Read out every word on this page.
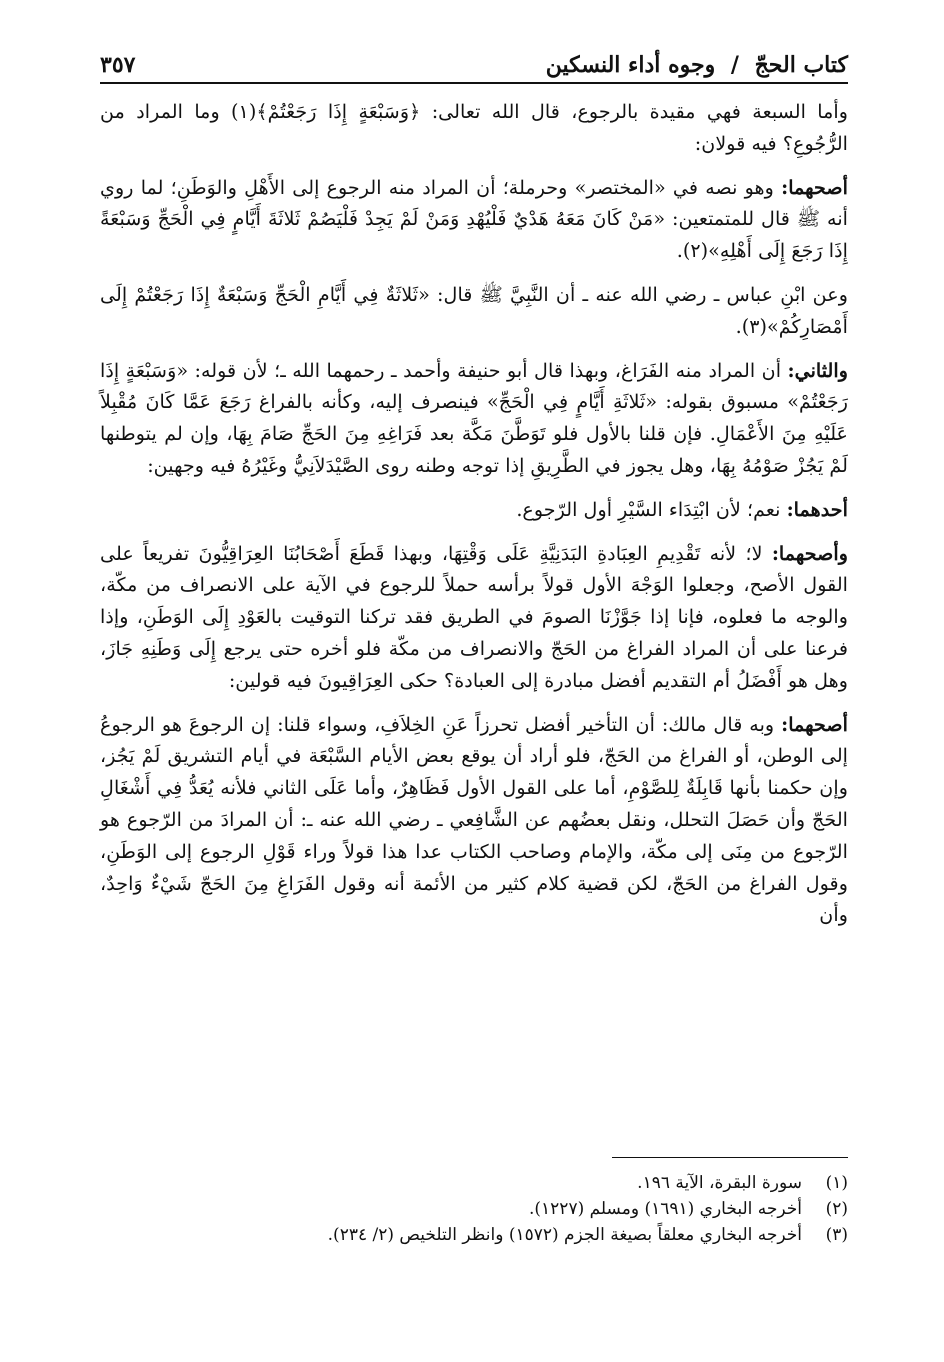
كتاب الحجّ / وجوه أداء النسكين
٣٥٧

وأما السبعة فهي مقيدة بالرجوع، قال الله تعالى: ﴿وَسَبْعَةٍ إِذَا رَجَعْتُمْ﴾(١) وما المراد من الرُّجُوعِ؟ فيه قولان:

أصحهما: وهو نصه في «المختصر» وحرملة؛ أن المراد منه الرجوع إلى الأَهْلِ والوَطَنِ؛ لما روي أنه ﷺ قال للمتمتعين: «مَنْ كَانَ مَعَهُ هَدْيٌ فَلْيُهْدِ وَمَنْ لَمْ يَجِدْ فَلْيَصُمْ ثَلاثَةَ أَيَّامٍ فِي الْحَجِّ وَسَبْعَةً إِذَا رَجَعَ إِلَى أَهْلِهِ»(٢).

وعن ابْنِ عباس ـ رضي الله عنه ـ أن النَّبِيَّ ﷺ قال: «ثَلاثَةٌ فِي أَيَّامِ الْحَجِّ وَسَبْعَةٌ إِذَا رَجَعْتُمْ إِلَى أَمْصَارِكُمْ»(٣).

والثاني: أن المراد منه الفَرَاغ، وبهذا قال أبو حنيفة وأحمد ـ رحمهما الله ـ؛ لأن قوله: «وَسَبْعَةٍ إِذَا رَجَعْتُمْ» مسبوق بقوله: «ثَلاثَةِ أَيَّامٍ فِي الْحَجِّ» فينصرف إليه، وكأنه بالفراغ رَجَعَ عَمَّا كَانَ مُقْبِلاً عَلَيْهِ مِنَ الأَعْمَالِ. فإن قلنا بالأول فلو تَوَطَّنَ مَكَّة بعد فَرَاغِهِ مِنَ الحَجِّ صَامَ بِهَا، وإن لم يتوطنها لَمْ يَجُزْ صَوْمُهُ بِهَا، وهل يجوز في الطَّرِيقِ إذا توجه وطنه روى الصَّيْدَلاَنِيُّ وغَيْرُهُ فيه وجهين:

أحدهما: نعم؛ لأن ابْتِدَاء السَّيْرِ أول الرّجوع.

وأصحهما: لا؛ لأنه تَقْدِيمِ العِبَادةِ البَدَنِيَّةِ عَلَى وَقْتِهَا، وبهذا قَطَعَ أَصْحَابُنَا العِرَاقِيُّونَ تفريعاً على القول الأصح، وجعلوا الوَجْهَ الأول قولاً برأسه حملاً للرجوع في الآية على الانصراف من مكّة، والوجه ما فعلوه، فإنا إذا جَوَّزْنَا الصومَ في الطريق فقد تركنا التوقيت بالعَوْدِ إِلَى الوَطَنِ، وإذا فرعنا على أن المراد الفراغ من الحَجّ والانصراف من مكّة فلو أخره حتى يرجع إِلَى وَطَنِهِ جَازَ، وهل هو أَفْضَلُ أم التقديم أفضل مبادرة إلى العبادة؟ حكى العِرَاقِيونَ فيه قولين:

أصحهما: وبه قال مالك: أن التأخير أفضل تحرزاً عَنِ الخِلاَفِ، وسواء قلنا: إن الرجوعَ هو الرجوعُ إلى الوطن، أو الفراغ من الحَجّ، فلو أراد أن يوقع بعض الأيام السَّبْعَة في أيام التشريق لَمْ يَجُز، وإن حكمنا بأنها قَابِلَةٌ لِلصَّوْمِ، أما على القول الأول فَظَاهِرٌ، وأما عَلَى الثاني فلأنه يُعَدُّ فِي أَشْغَالِ الحَجّ وأن حَصَلَ التحلل، ونقل بعضُهم عن الشَّافِعي ـ رضي الله عنه ـ: أن المرادَ من الرّجوع هو الرّجوع من مِنَى إلى مكّة، والإمام وصاحب الكتاب عدا هذا قولاً وراء قَوْلِ الرجوع إلى الوَطَنِ، وقول الفراغ من الحَجّ، لكن قضية كلام كثير من الأئمة أنه وقول الفَرَاغِ مِنَ الحَجّ شَيْءٌ وَاحِدٌ، وأن

(١)
سورة البقرة، الآية ١٩٦.
(٢)
أخرجه البخاري (١٦٩١) ومسلم (١٢٢٧).
(٣)
أخرجه البخاري معلقاً بصيغة الجزم (١٥٧٢) وانظر التلخيص (٢/ ٢٣٤).
